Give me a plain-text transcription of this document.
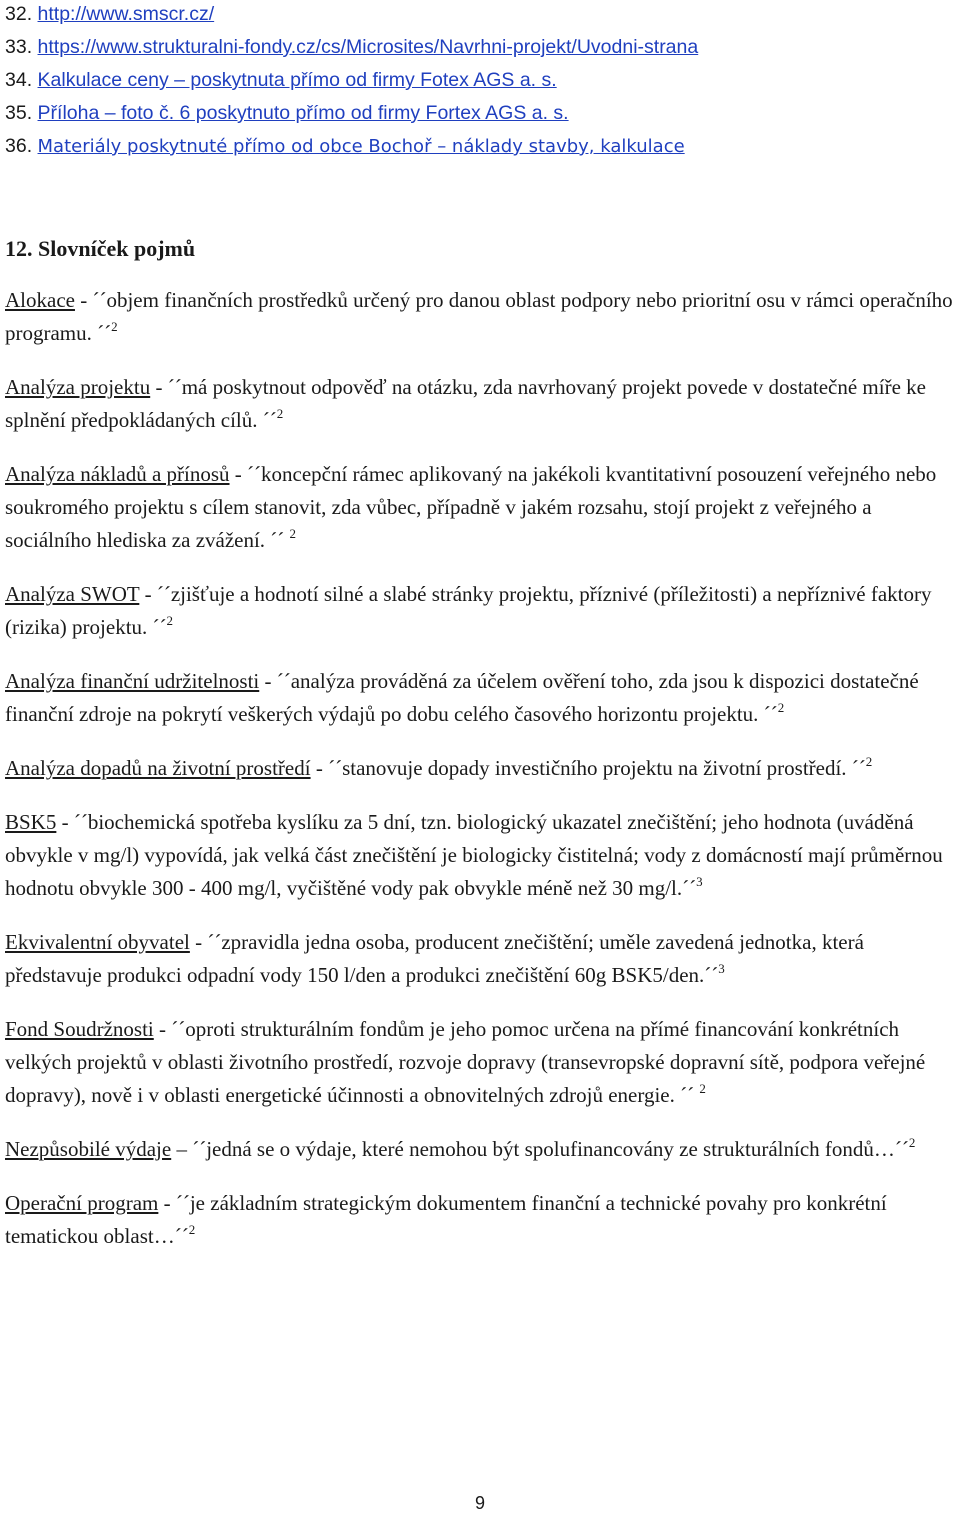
32. http://www.smscr.cz/
33. https://www.strukturalni-fondy.cz/cs/Microsites/Navrhni-projekt/Uvodni-strana
34. Kalkulace ceny – poskytnuta přímo od firmy Fotex AGS a. s.
35. Příloha – foto č. 6 poskytnuto přímo od firmy Fortex AGS a. s.
36. Materiály poskytnuté přímo od obce Bochoř – náklady stavby, kalkulace
12. Slovníček pojmů

Alokace - ´´objem finančních prostředků určený pro danou oblast podpory nebo prioritní osu v rámci operačního programu. ´´$^2$

Analýza projektu - ´´má poskytnout odpověď na otázku, zda navrhovaný projekt povede v dostatečné míře ke splnění předpokládaných cílů. ´´$^2$

Analýza nákladů a přínosů - ´´koncepční rámec aplikovaný na jakékoli kvantitativní posouzení veřejného nebo soukromého projektu s cílem stanovit, zda vůbec, případně v jakém rozsahu, stojí projekt z veřejného a sociálního hlediska za zvážení. ´´ $^2$

Analýza SWOT - ´´zjišťuje a hodnotí silné a slabé stránky projektu, příznivé (příležitosti) a nepříznivé faktory (rizika) projektu. ´´$^2$

Analýza finanční udržitelnosti - ´´analýza prováděná za účelem ověření toho, zda jsou k dispozici dostatečné finanční zdroje na pokrytí veškerých výdajů po dobu celého časového horizontu projektu. ´´$^2$

Analýza dopadů na životní prostředí - ´´stanovuje dopady investičního projektu na životní prostředí. ´´$^2$

BSK5 - ´´biochemická spotřeba kyslíku za 5 dní, tzn. biologický ukazatel znečištění; jeho hodnota (uváděná obvykle v mg/l) vypovídá, jak velká část znečištění je biologicky čistitelná; vody z domácností mají průměrnou hodnotu obvykle 300 - 400 mg/l, vyčištěné vody pak obvykle méně než 30 mg/l.´´$^3$

Ekvivalentní obyvatel - ´´zpravidla jedna osoba, producent znečištění; uměle zavedená jednotka, která představuje produkci odpadní vody 150 l/den a produkci znečištění 60g BSK5/den.´´$^3$

Fond Soudržnosti - ´´oproti strukturálním fondům je jeho pomoc určena na přímé financování konkrétních velkých projektů v oblasti životního prostředí, rozvoje dopravy (transevropské dopravní sítě, podpora veřejné dopravy), nově i v oblasti energetické účinnosti a obnovitelných zdrojů energie. ´´ $^2$

Nezpůsobilé výdaje – ´´jedná se o výdaje, které nemohou být spolufinancovány ze strukturálních fondů…´´$^2$

Operační program - ´´je základním strategickým dokumentem finanční a technické povahy pro konkrétní tematickou oblast…´´$^2$

9
